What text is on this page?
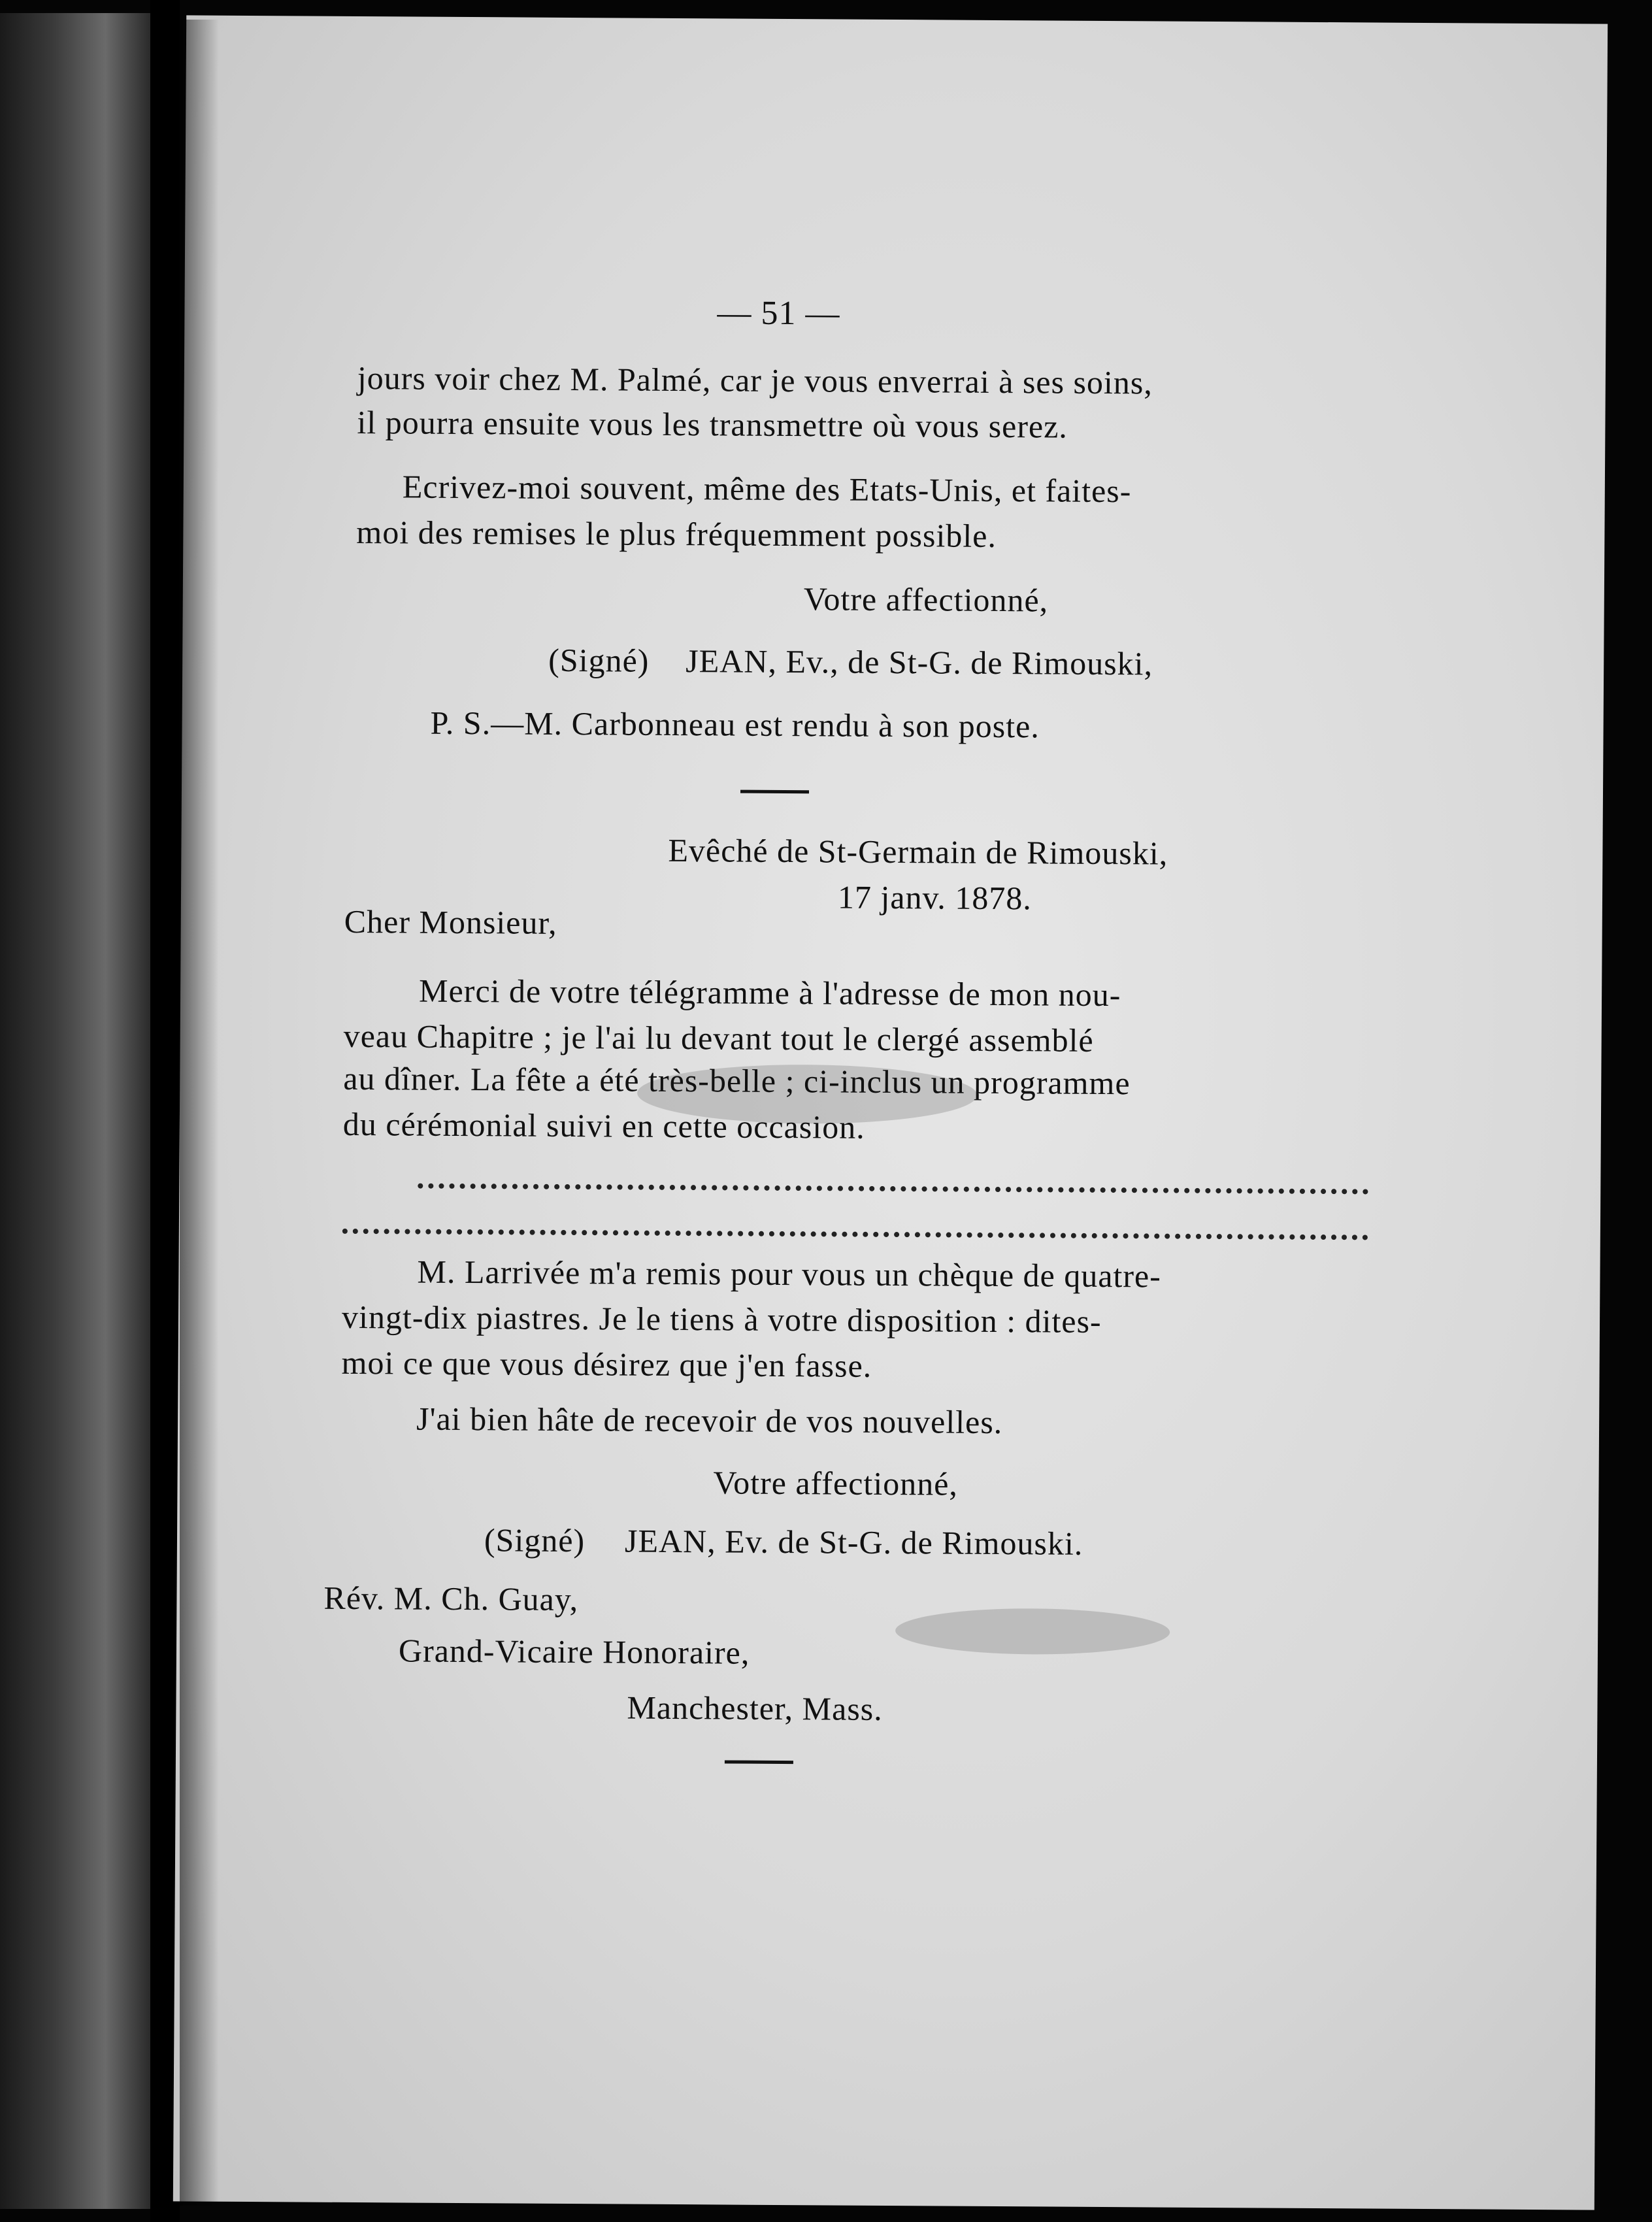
— 51 —

jours voir chez M. Palmé, car je vous enverrai à ses soins,

il pourra ensuite vous les transmettre où vous serez.

Ecrivez-moi souvent, même des Etats-Unis, et faites-

moi des remises le plus fréquemment possible.

Votre affectionné,

(Signé) JEAN, Ev., de St-G. de Rimouski,

P. S.—M. Carbonneau est rendu à son poste.

Evêché de St-Germain de Rimouski,

17 janv. 1878.

Cher Monsieur,

Merci de votre télégramme à l'adresse de mon nou-

veau Chapitre ; je l'ai lu devant tout le clergé assemblé

au dîner. La fête a été très-belle ; ci-inclus un programme

du cérémonial suivi en cette occasion.

M. Larrivée m'a remis pour vous un chèque de quatre-

vingt-dix piastres. Je le tiens à votre disposition : dites-

moi ce que vous désirez que j'en fasse.

J'ai bien hâte de recevoir de vos nouvelles.

Votre affectionné,

(Signé) JEAN, Ev. de St-G. de Rimouski.

Rév. M. Ch. Guay,

Grand-Vicaire Honoraire,

Manchester, Mass.
